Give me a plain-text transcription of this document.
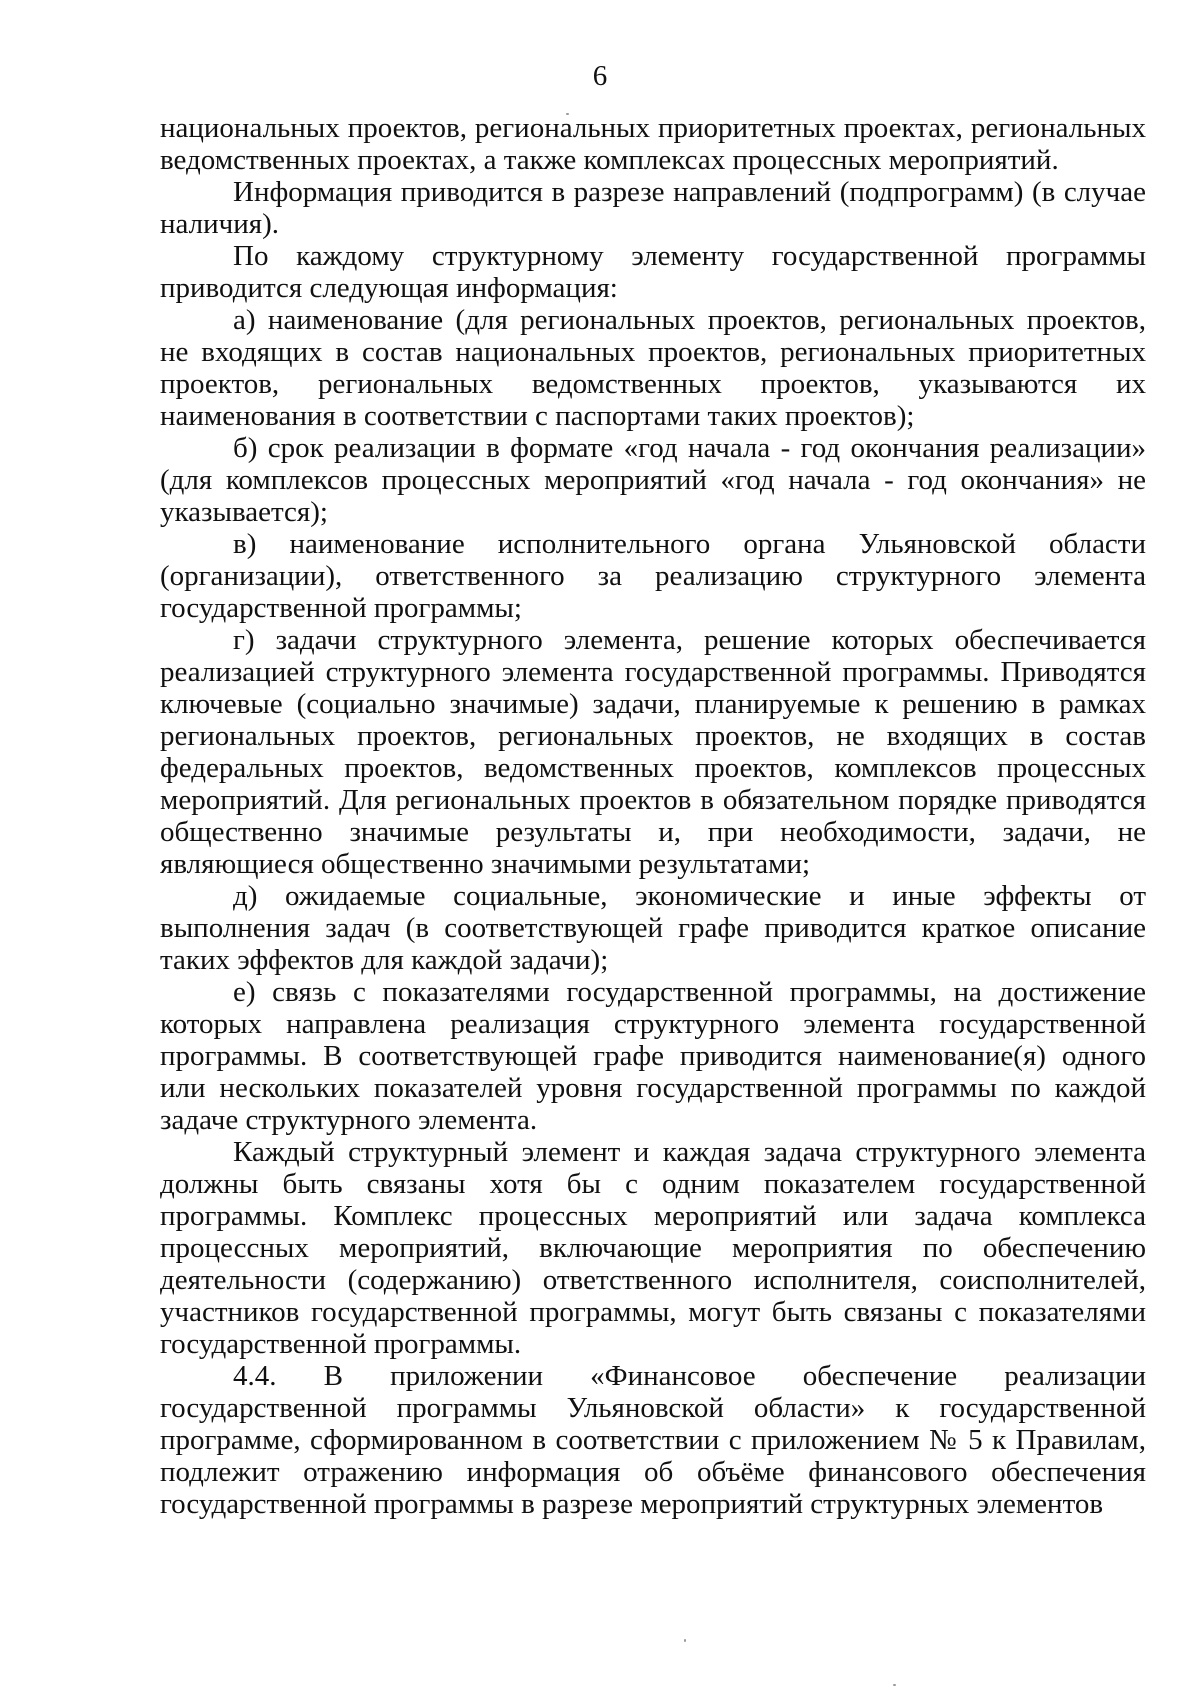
6

национальных проектов, региональных приоритетных проектах, региональных ведомственных проектах, а также комплексах процессных мероприятий.

Информация приводится в разрезе направлений (подпрограмм) (в случае наличия).

По каждому структурному элементу государственной программы приводится следующая информация:

а) наименование (для региональных проектов, региональных проектов, не входящих в состав национальных проектов, региональных приоритетных проектов, региональных ведомственных проектов, указываются их наименования в соответствии с паспортами таких проектов);

б) срок реализации в формате «год начала - год окончания реализации» (для комплексов процессных мероприятий «год начала - год окончания» не указывается);

в) наименование исполнительного органа Ульяновской области (организации), ответственного за реализацию структурного элемента государственной программы;

г) задачи структурного элемента, решение которых обеспечивается реализацией структурного элемента государственной программы. Приводятся ключевые (социально значимые) задачи, планируемые к решению в рамках региональных проектов, региональных проектов, не входящих в состав федеральных проектов, ведомственных проектов, комплексов процессных мероприятий. Для региональных проектов в обязательном порядке приводятся общественно значимые результаты и, при необходимости, задачи, не являющиеся общественно значимыми результатами;

д) ожидаемые социальные, экономические и иные эффекты от выполнения задач (в соответствующей графе приводится краткое описание таких эффектов для каждой задачи);

е) связь с показателями государственной программы, на достижение которых направлена реализация структурного элемента государственной программы. В соответствующей графе приводится наименование(я) одного или нескольких показателей уровня государственной программы по каждой задаче структурного элемента.

Каждый структурный элемент и каждая задача структурного элемента должны быть связаны хотя бы с одним показателем государственной программы. Комплекс процессных мероприятий или задача комплекса процессных мероприятий, включающие мероприятия по обеспечению деятельности (содержанию) ответственного исполнителя, соисполнителей, участников государственной программы, могут быть связаны с показателями государственной программы.

4.4. В приложении «Финансовое обеспечение реализации государственной программы Ульяновской области» к государственной программе, сформированном в соответствии с приложением № 5 к Правилам, подлежит отражению информация об объёме финансового обеспечения государственной программы в разрезе мероприятий структурных элементов
